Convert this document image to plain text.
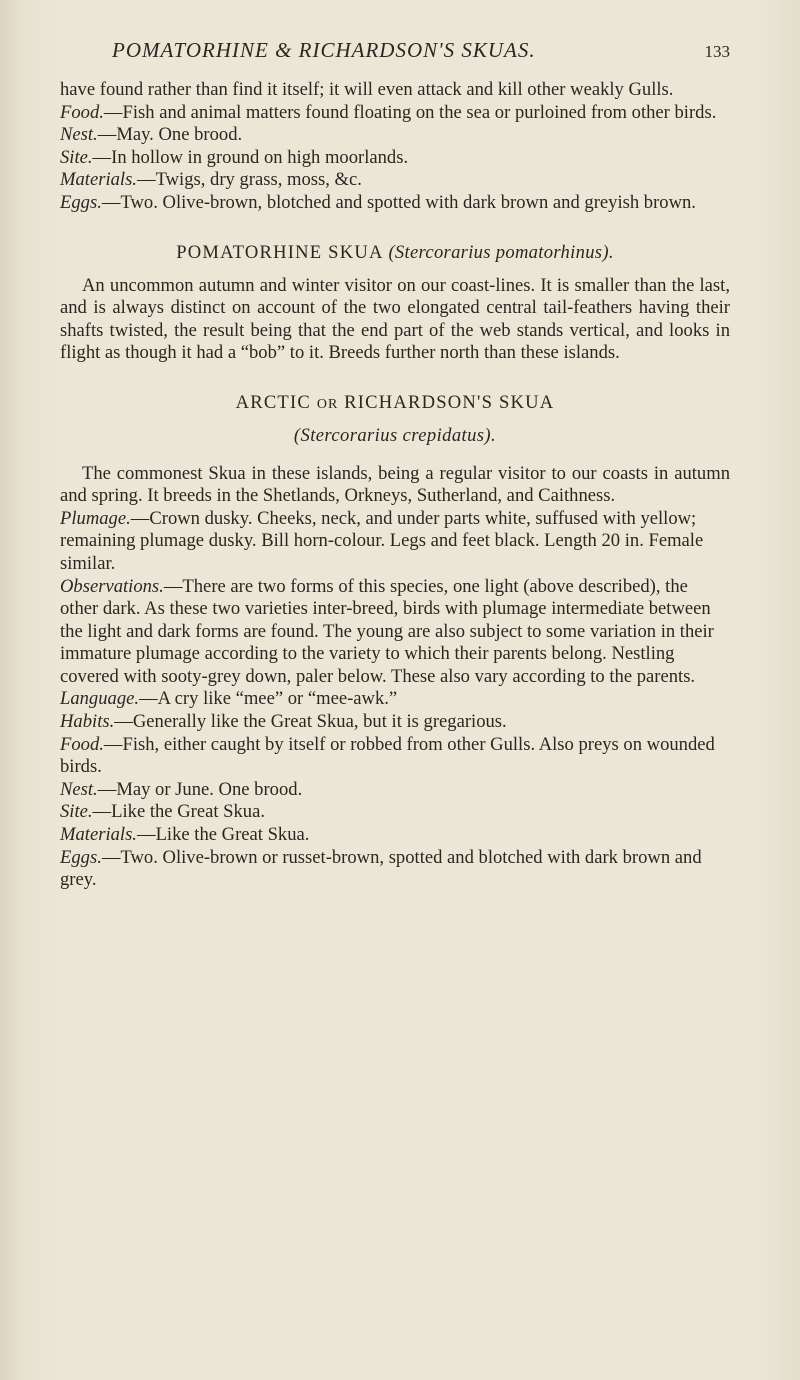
POMATORHINE & RICHARDSON'S SKUAS.	133

have found rather than find it itself; it will even attack and kill other weakly Gulls.

Food.—Fish and animal matters found floating on the sea or purloined from other birds.

Nest.—May. One brood.

Site.—In hollow in ground on high moorlands.

Materials.—Twigs, dry grass, moss, &c.

Eggs.—Two. Olive-brown, blotched and spotted with dark brown and greyish brown.

POMATORHINE SKUA (Stercorarius pomatorhinus).

An uncommon autumn and winter visitor on our coast-lines. It is smaller than the last, and is always distinct on account of the two elongated central tail-feathers having their shafts twisted, the result being that the end part of the web stands vertical, and looks in flight as though it had a “bob” to it. Breeds further north than these islands.

ARCTIC OR RICHARDSON'S SKUA

(Stercorarius crepidatus).

The commonest Skua in these islands, being a regular visitor to our coasts in autumn and spring. It breeds in the Shetlands, Orkneys, Sutherland, and Caithness.

Plumage.—Crown dusky. Cheeks, neck, and under parts white, suffused with yellow; remaining plumage dusky. Bill horn-colour. Legs and feet black. Length 20 in. Female similar.

Observations.—There are two forms of this species, one light (above described), the other dark. As these two varieties inter-breed, birds with plumage intermediate between the light and dark forms are found. The young are also subject to some variation in their immature plumage according to the variety to which their parents belong. Nestling covered with sooty-grey down, paler below. These also vary according to the parents.

Language.—A cry like “mee” or “mee-awk.”

Habits.—Generally like the Great Skua, but it is gregarious.

Food.—Fish, either caught by itself or robbed from other Gulls. Also preys on wounded birds.

Nest.—May or June. One brood.

Site.—Like the Great Skua.

Materials.—Like the Great Skua.

Eggs.—Two. Olive-brown or russet-brown, spotted and blotched with dark brown and grey.
